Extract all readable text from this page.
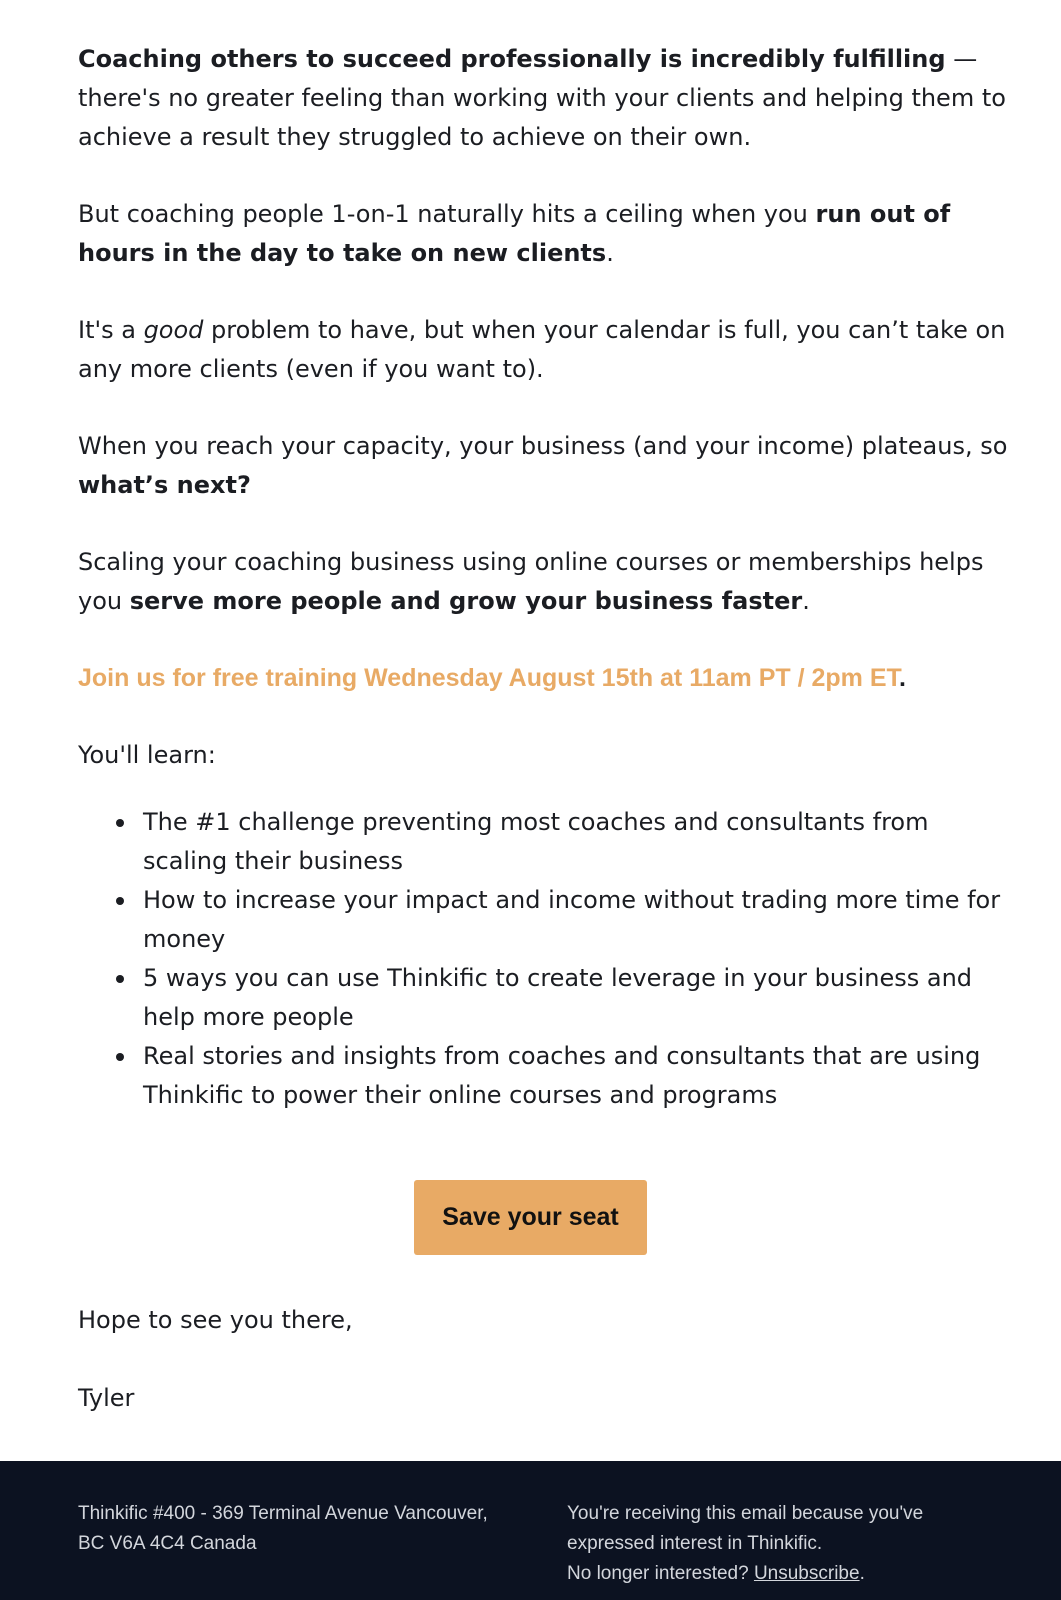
Coaching others to succeed professionally is incredibly fulfilling — there's no greater feeling than working with your clients and helping them to achieve a result they struggled to achieve on their own.

But coaching people 1-on-1 naturally hits a ceiling when you run out of hours in the day to take on new clients.

It's a good problem to have, but when your calendar is full, you can’t take on any more clients (even if you want to).

When you reach your capacity, your business (and your income) plateaus, so what’s next?

Scaling your coaching business using online courses or memberships helps you serve more people and grow your business faster.

Join us for free training Wednesday August 15th at 11am PT / 2pm ET.

You'll learn:

The #1 challenge preventing most coaches and consultants from scaling their business
How to increase your impact and income without trading more time for money
5 ways you can use Thinkific to create leverage in your business and help more people
Real stories and insights from coaches and consultants that are using Thinkific to power their online courses and programs
Save your seat

Hope to see you there,

Tyler

Thinkific #400 - 369 Terminal Avenue Vancouver,
BC V6A 4C4 Canada
You're receiving this email because you've
expressed interest in Thinkific.
No longer interested? Unsubscribe.
